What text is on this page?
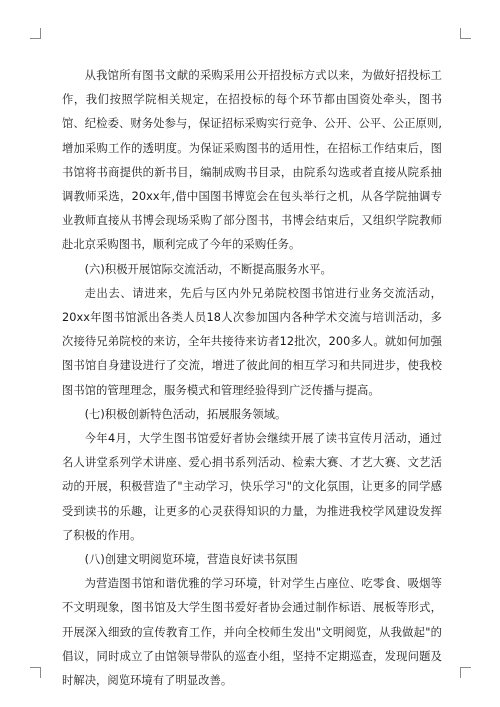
从我馆所有图书文献的采购采用公开招投标方式以来，为做好招投标工作，我们按照学院相关规定，在招投标的每个环节都由国资处牵头，图书馆、纪检委、财务处参与，保证招标采购实行竞争、公开、公平、公正原则,增加采购工作的透明度。为保证采购图书的适用性，在招标工作结束后，图书馆将书商提供的新书目，编制成购书目录，由院系勾选或者直接从院系抽调教师采选，20xx年,借中国图书博览会在包头举行之机，从各学院抽调专业教师直接从书博会现场采购了部分图书，书博会结束后，又组织学院教师赴北京采购图书，顺利完成了今年的采购任务。

(六)积极开展馆际交流活动，不断提高服务水平。

走出去、请进来，先后与区内外兄弟院校图书馆进行业务交流活动，20xx年图书馆派出各类人员18人次参加国内各种学术交流与培训活动，多次接待兄弟院校的来访，全年共接待来访者12批次，200多人。就如何加强图书馆自身建设进行了交流，增进了彼此间的相互学习和共同进步，使我校图书馆的管理理念，服务模式和管理经验得到广泛传播与提高。

(七)积极创新特色活动，拓展服务领域。

今年4月，大学生图书馆爱好者协会继续开展了读书宣传月活动，通过名人讲堂系列学术讲座、爱心捐书系列活动、检索大赛、才艺大赛、文艺活动的开展，积极营造了"主动学习，快乐学习"的文化氛围，让更多的同学感受到读书的乐趣，让更多的心灵获得知识的力量，为推进我校学风建设发挥了积极的作用。

(八)创建文明阅览环境，营造良好读书氛围

为营造图书馆和谐优雅的学习环境，针对学生占座位、吃零食、吸烟等不文明现象，图书馆及大学生图书爱好者协会通过制作标语、展板等形式，开展深入细致的宣传教育工作，并向全校师生发出"文明阅览，从我做起"的倡议，同时成立了由馆领导带队的巡查小组，坚持不定期巡查，发现问题及时解决，阅览环境有了明显改善。
